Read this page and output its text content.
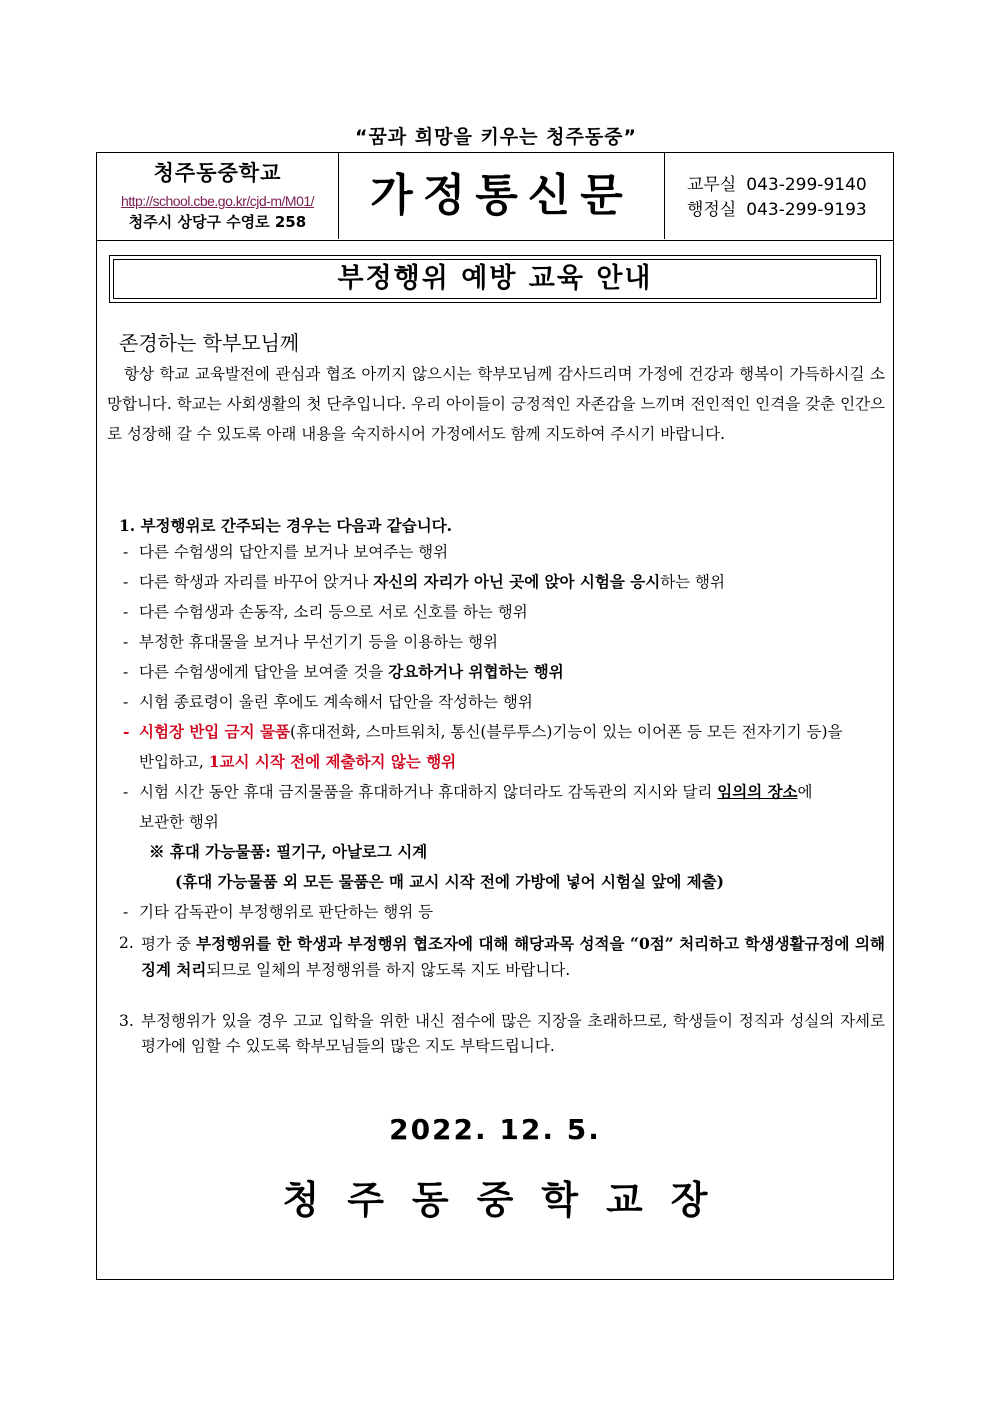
“꿈과 희망을 키우는 청주동중”
청주동중학교
http://school.cbe.go.kr/cjd-m/M01/
청주시 상당구 수영로 258
가정통신문	교무실 043-299-9140
행정실 043-299-9193
부정행위 예방 교육 안내
존경하는 학부모님께

항상 학교 교육발전에 관심과 협조 아끼지 않으시는 학부모님께 감사드리며 가정에 건강과 행복이 가득하시길 소망합니다. 학교는 사회생활의 첫 단추입니다. 우리 아이들이 긍정적인 자존감을 느끼며 전인적인 인격을 갖춘 인간으로 성장해 갈 수 있도록 아래 내용을 숙지하시어 가정에서도 함께 지도하여 주시기 바랍니다.

1. 부정행위로 간주되는 경우는 다음과 같습니다.
- 다른 수험생의 답안지를 보거나 보여주는 행위
- 다른 학생과 자리를 바꾸어 앉거나 자신의 자리가 아닌 곳에 앉아 시험을 응시하는 행위
- 다른 수험생과 손동작, 소리 등으로 서로 신호를 하는 행위
- 부정한 휴대물을 보거나 무선기기 등을 이용하는 행위
- 다른 수험생에게 답안을 보여줄 것을 강요하거나 위협하는 행위
- 시험 종료령이 울린 후에도 계속해서 답안을 작성하는 행위
- 시험장 반입 금지 물품(휴대전화, 스마트워치, 통신(블루투스)기능이 있는 이어폰 등 모든 전자기기 등)을
반입하고, 1교시 시작 전에 제출하지 않는 행위
- 시험 시간 동안 휴대 금지물품을 휴대하거나 휴대하지 않더라도 감독관의 지시와 달리 임의의 장소에
보관한 행위
※ 휴대 가능물품: 필기구, 아날로그 시계
(휴대 가능물품 외 모든 물품은 매 교시 시작 전에 가방에 넣어 시험실 앞에 제출)
- 기타 감독관이 부정행위로 판단하는 행위 등
2. 평가 중 부정행위를 한 학생과 부정행위 협조자에 대해 해당과목 성적을 “0점” 처리하고 학생생활규정에 의해 징계 처리되므로 일체의 부정행위를 하지 않도록 지도 바랍니다.
3. 부정행위가 있을 경우 고교 입학을 위한 내신 점수에 많은 지장을 초래하므로, 학생들이 정직과 성실의 자세로 평가에 임할 수 있도록 학부모님들의 많은 지도 부탁드립니다.
2022. 12. 5.
청주동중학교장
